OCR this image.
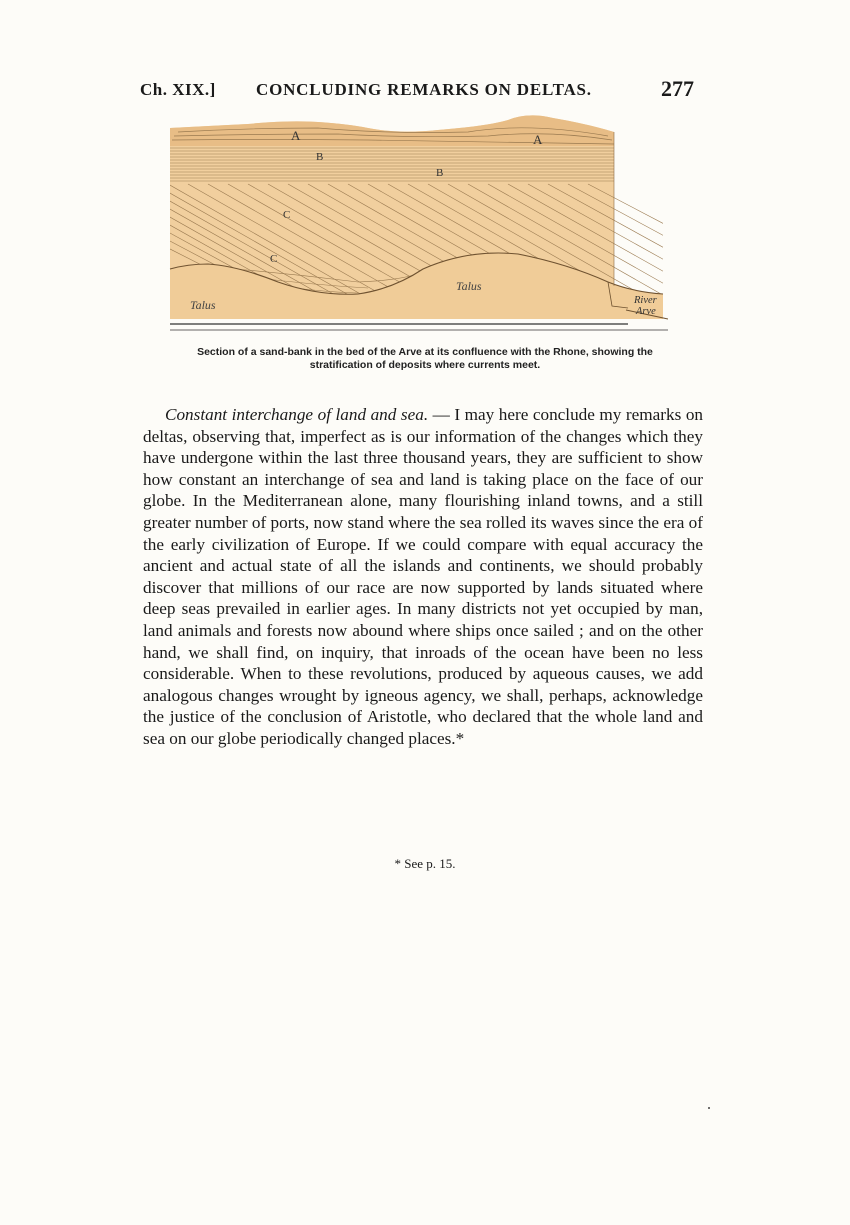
Ch. XIX.] CONCLUDING REMARKS ON DELTAS.	277
A	A
B
B
C
C
Talus
Talus
River
Arve
Section of a sand-bank in the bed of the Arve at its confluence with the Rhone, showing the
stratification of deposits where currents meet.

Constant interchange of land and sea. — I may here conclude my remarks on deltas, observing that, imperfect as is our information of the changes which they have undergone within the last three thousand years, they are sufficient to show how constant an interchange of sea and land is taking place on the face of our globe. In the Mediterranean alone, many flourishing inland towns, and a still greater number of ports, now stand where the sea rolled its waves since the era of the early civilization of Europe. If we could compare with equal accuracy the ancient and actual state of all the islands and continents, we should probably discover that millions of our race are now supported by lands situated where deep seas prevailed in earlier ages. In many districts not yet occupied by man, land animals and forests now abound where ships once sailed ; and on the other hand, we shall find, on inquiry, that inroads of the ocean have been no less considerable. When to these revolutions, produced by aqueous causes, we add analogous changes wrought by igneous agency, we shall, perhaps, acknowledge the justice of the conclusion of Aristotle, who declared that the whole land and sea on our globe periodically changed places.*

* See p. 15.
